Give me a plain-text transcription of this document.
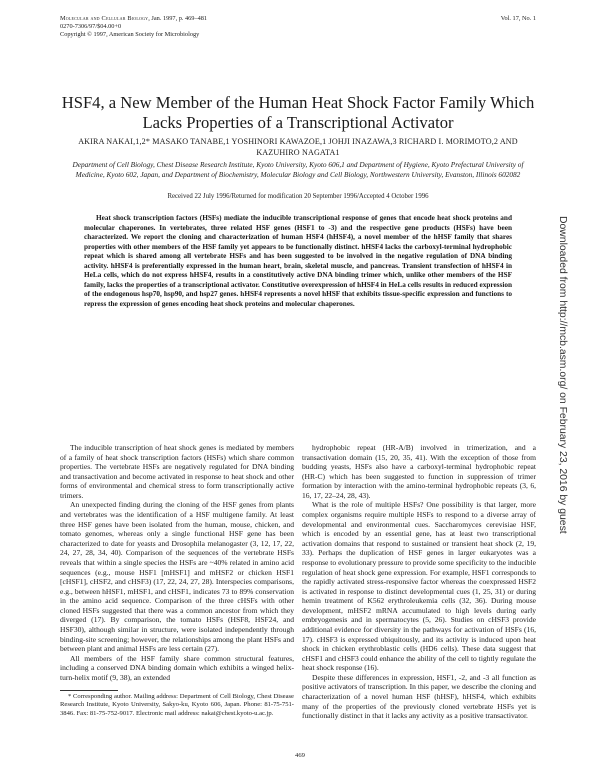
Molecular and Cellular Biology, Jan. 1997, p. 469–481
0270-7306/97/$04.00+0
Copyright © 1997, American Society for Microbiology
Vol. 17, No. 1
HSF4, a New Member of the Human Heat Shock Factor Family Which Lacks Properties of a Transcriptional Activator
AKIRA NAKAI,1,2* MASAKO TANABE,1 YOSHINORI KAWAZOE,1 JOHJI INAZAWA,3 RICHARD I. MORIMOTO,2 AND KAZUHIRO NAGATA1
Department of Cell Biology, Chest Disease Research Institute, Kyoto University, Kyoto 606,1 and Department of Hygiene, Kyoto Prefectural University of Medicine, Kyoto 602, Japan, and Department of Biochemistry, Molecular Biology and Cell Biology, Northwestern University, Evanston, Illinois 602082
Received 22 July 1996/Returned for modification 20 September 1996/Accepted 4 October 1996
Heat shock transcription factors (HSFs) mediate the inducible transcriptional response of genes that encode heat shock proteins and molecular chaperones. In vertebrates, three related HSF genes (HSF1 to -3) and the respective gene products (HSFs) have been characterized. We report the cloning and characterization of human HSF4 (hHSF4), a novel member of the hHSF family that shares properties with other members of the HSF family yet appears to be functionally distinct. hHSF4 lacks the carboxyl-terminal hydrophobic repeat which is shared among all vertebrate HSFs and has been suggested to be involved in the negative regulation of DNA binding activity. hHSF4 is preferentially expressed in the human heart, brain, skeletal muscle, and pancreas. Transient transfection of hHSF4 in HeLa cells, which do not express hHSF4, results in a constitutively active DNA binding trimer which, unlike other members of the HSF family, lacks the properties of a transcriptional activator. Constitutive overexpression of hHSF4 in HeLa cells results in reduced expression of the endogenous hsp70, hsp90, and hsp27 genes. hHSF4 represents a novel hHSF that exhibits tissue-specific expression and functions to repress the expression of genes encoding heat shock proteins and molecular chaperones.

The inducible transcription of heat shock genes is mediated by members of a family of heat shock transcription factors (HSFs) which share common properties. The vertebrate HSFs are negatively regulated for DNA binding and transactivation and become activated in response to heat shock and other forms of environmental and chemical stress to form transcriptionally active trimers.

An unexpected finding during the cloning of the HSF genes from plants and vertebrates was the identification of a HSF multigene family. At least three HSF genes have been isolated from the human, mouse, chicken, and tomato genomes, whereas only a single functional HSF gene has been characterized to date for yeasts and Drosophila melanogaster (3, 12, 17, 22, 24, 27, 28, 34, 40). Comparison of the sequences of the vertebrate HSFs reveals that within a single species the HSFs are ~40% related in amino acid sequences (e.g., mouse HSF1 [mHSF1] and mHSF2 or chicken HSF1 [cHSF1], cHSF2, and cHSF3) (17, 22, 24, 27, 28). Interspecies comparisons, e.g., between hHSF1, mHSF1, and cHSF1, indicates 73 to 89% conservation in the amino acid sequence. Comparison of the three cHSFs with other cloned HSFs suggested that there was a common ancestor from which they diverged (17). By comparison, the tomato HSFs (HSF8, HSF24, and HSF30), although similar in structure, were isolated independently through binding-site screening; however, the relationships among the plant HSFs and between plant and animal HSFs are less certain (27).

All members of the HSF family share common structural features, including a conserved DNA binding domain which exhibits a winged helix-turn-helix motif (9, 38), an extended

hydrophobic repeat (HR-A/B) involved in trimerization, and a transactivation domain (15, 20, 35, 41). With the exception of those from budding yeasts, HSFs also have a carboxyl-terminal hydrophobic repeat (HR-C) which has been suggested to function in suppression of trimer formation by interaction with the amino-terminal hydrophobic repeats (3, 6, 16, 17, 22–24, 28, 43).

What is the role of multiple HSFs? One possibility is that larger, more complex organisms require multiple HSFs to respond to a diverse array of developmental and environmental cues. Saccharomyces cerevisiae HSF, which is encoded by an essential gene, has at least two transcriptional activation domains that respond to sustained or transient heat shock (2, 19, 33). Perhaps the duplication of HSF genes in larger eukaryotes was a response to evolutionary pressure to provide some specificity to the inducible regulation of heat shock gene expression. For example, HSF1 corresponds to the rapidly activated stress-responsive factor whereas the coexpressed HSF2 is activated in response to distinct developmental cues (1, 25, 31) or during hemin treatment of K562 erythroleukemia cells (32, 36). During mouse development, mHSF2 mRNA accumulated to high levels during early embryogenesis and in spermatocytes (5, 26). Studies on cHSF3 provide additional evidence for diversity in the pathways for activation of HSFs (16, 17). cHSF3 is expressed ubiquitously, and its activity is induced upon heat shock in chicken erythroblastic cells (HD6 cells). These data suggest that cHSF1 and cHSF3 could enhance the ability of the cell to tightly regulate the heat shock response (16).

Despite these differences in expression, HSF1, -2, and -3 all function as positive activators of transcription. In this paper, we describe the cloning and characterization of a novel human HSF (hHSF), hHSF4, which exhibits many of the properties of the previously cloned vertebrate HSFs yet is functionally distinct in that it lacks any activity as a positive transactivator.

* Corresponding author. Mailing address: Department of Cell Biology, Chest Disease Research Institute, Kyoto University, Sakyo-ku, Kyoto 606, Japan. Phone: 81-75-751-3846. Fax: 81-75-752-9017. Electronic mail address: nakai@chest.kyoto-u.ac.jp.
469
Downloaded from http://mcb.asm.org/ on February 23, 2016 by guest
